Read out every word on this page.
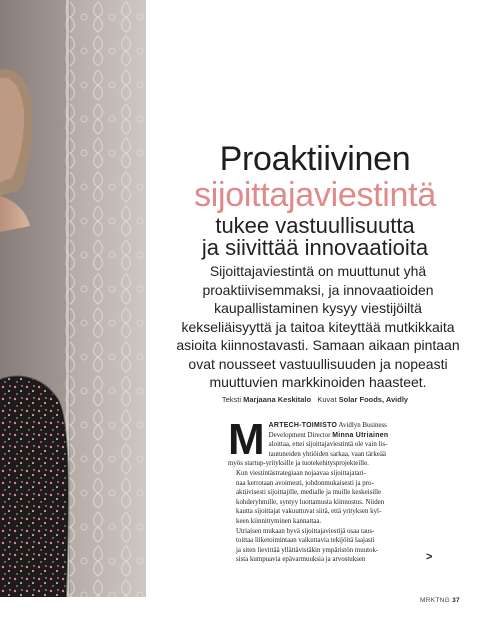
Proaktiivinen
sijoittajaviestintä
tukee vastuullisuutta
ja siivittää innovaatioita

Sijoittajaviestintä on muuttunut yhä
proaktiivisemmaksi, ja innovaatioiden
kaupallistaminen kysyy viestijöiltä
kekseliäisyyttä ja taitoa kiteyttää mutkikkaita
asioita kiinnostavasti. Samaan aikaan pintaan
ovat nousseet vastuullisuuden ja nopeasti
muuttuvien markkinoiden haasteet.

Teksti Marjaana Keskitalo Kuvat Solar Foods, Avidly
M ARTECH-TOIMISTO Avidlyn Business
Development Director Minna Utriainen
aloittaa, ettei sijoittajaviestintä ole vain lis-
tautuneiden yhtiöiden sarkaa, vaan tärkeää
myös startup-yrityksille ja tuotekehitysprojekteille.

Kun viestintästrategiaan nojaavaa sijoittajatari-
naa kerrotaan avoimesti, johdonmukaisesti ja pro-
aktiivisesti sijoittajille, medialle ja muille keskeisille
kohderyhmille, syntyy luottamusta kiinnostus. Niiden
kautta sijoittajat vakuuttuvat siitä, että yrityksen kyl-
keen kiinnittyminen kannattaa.

Utriaisen mukaan hyvä sijoittajaviestijä osaa taus-
toittaa liiketoimintaan vaikuttavia tekijöitä laajasti
ja siten lievittää yllättävistäkin ympäristön muutok-
sista kumpuavia epävarmuuksia ja arvostuksen	>
MRKTNG 37
